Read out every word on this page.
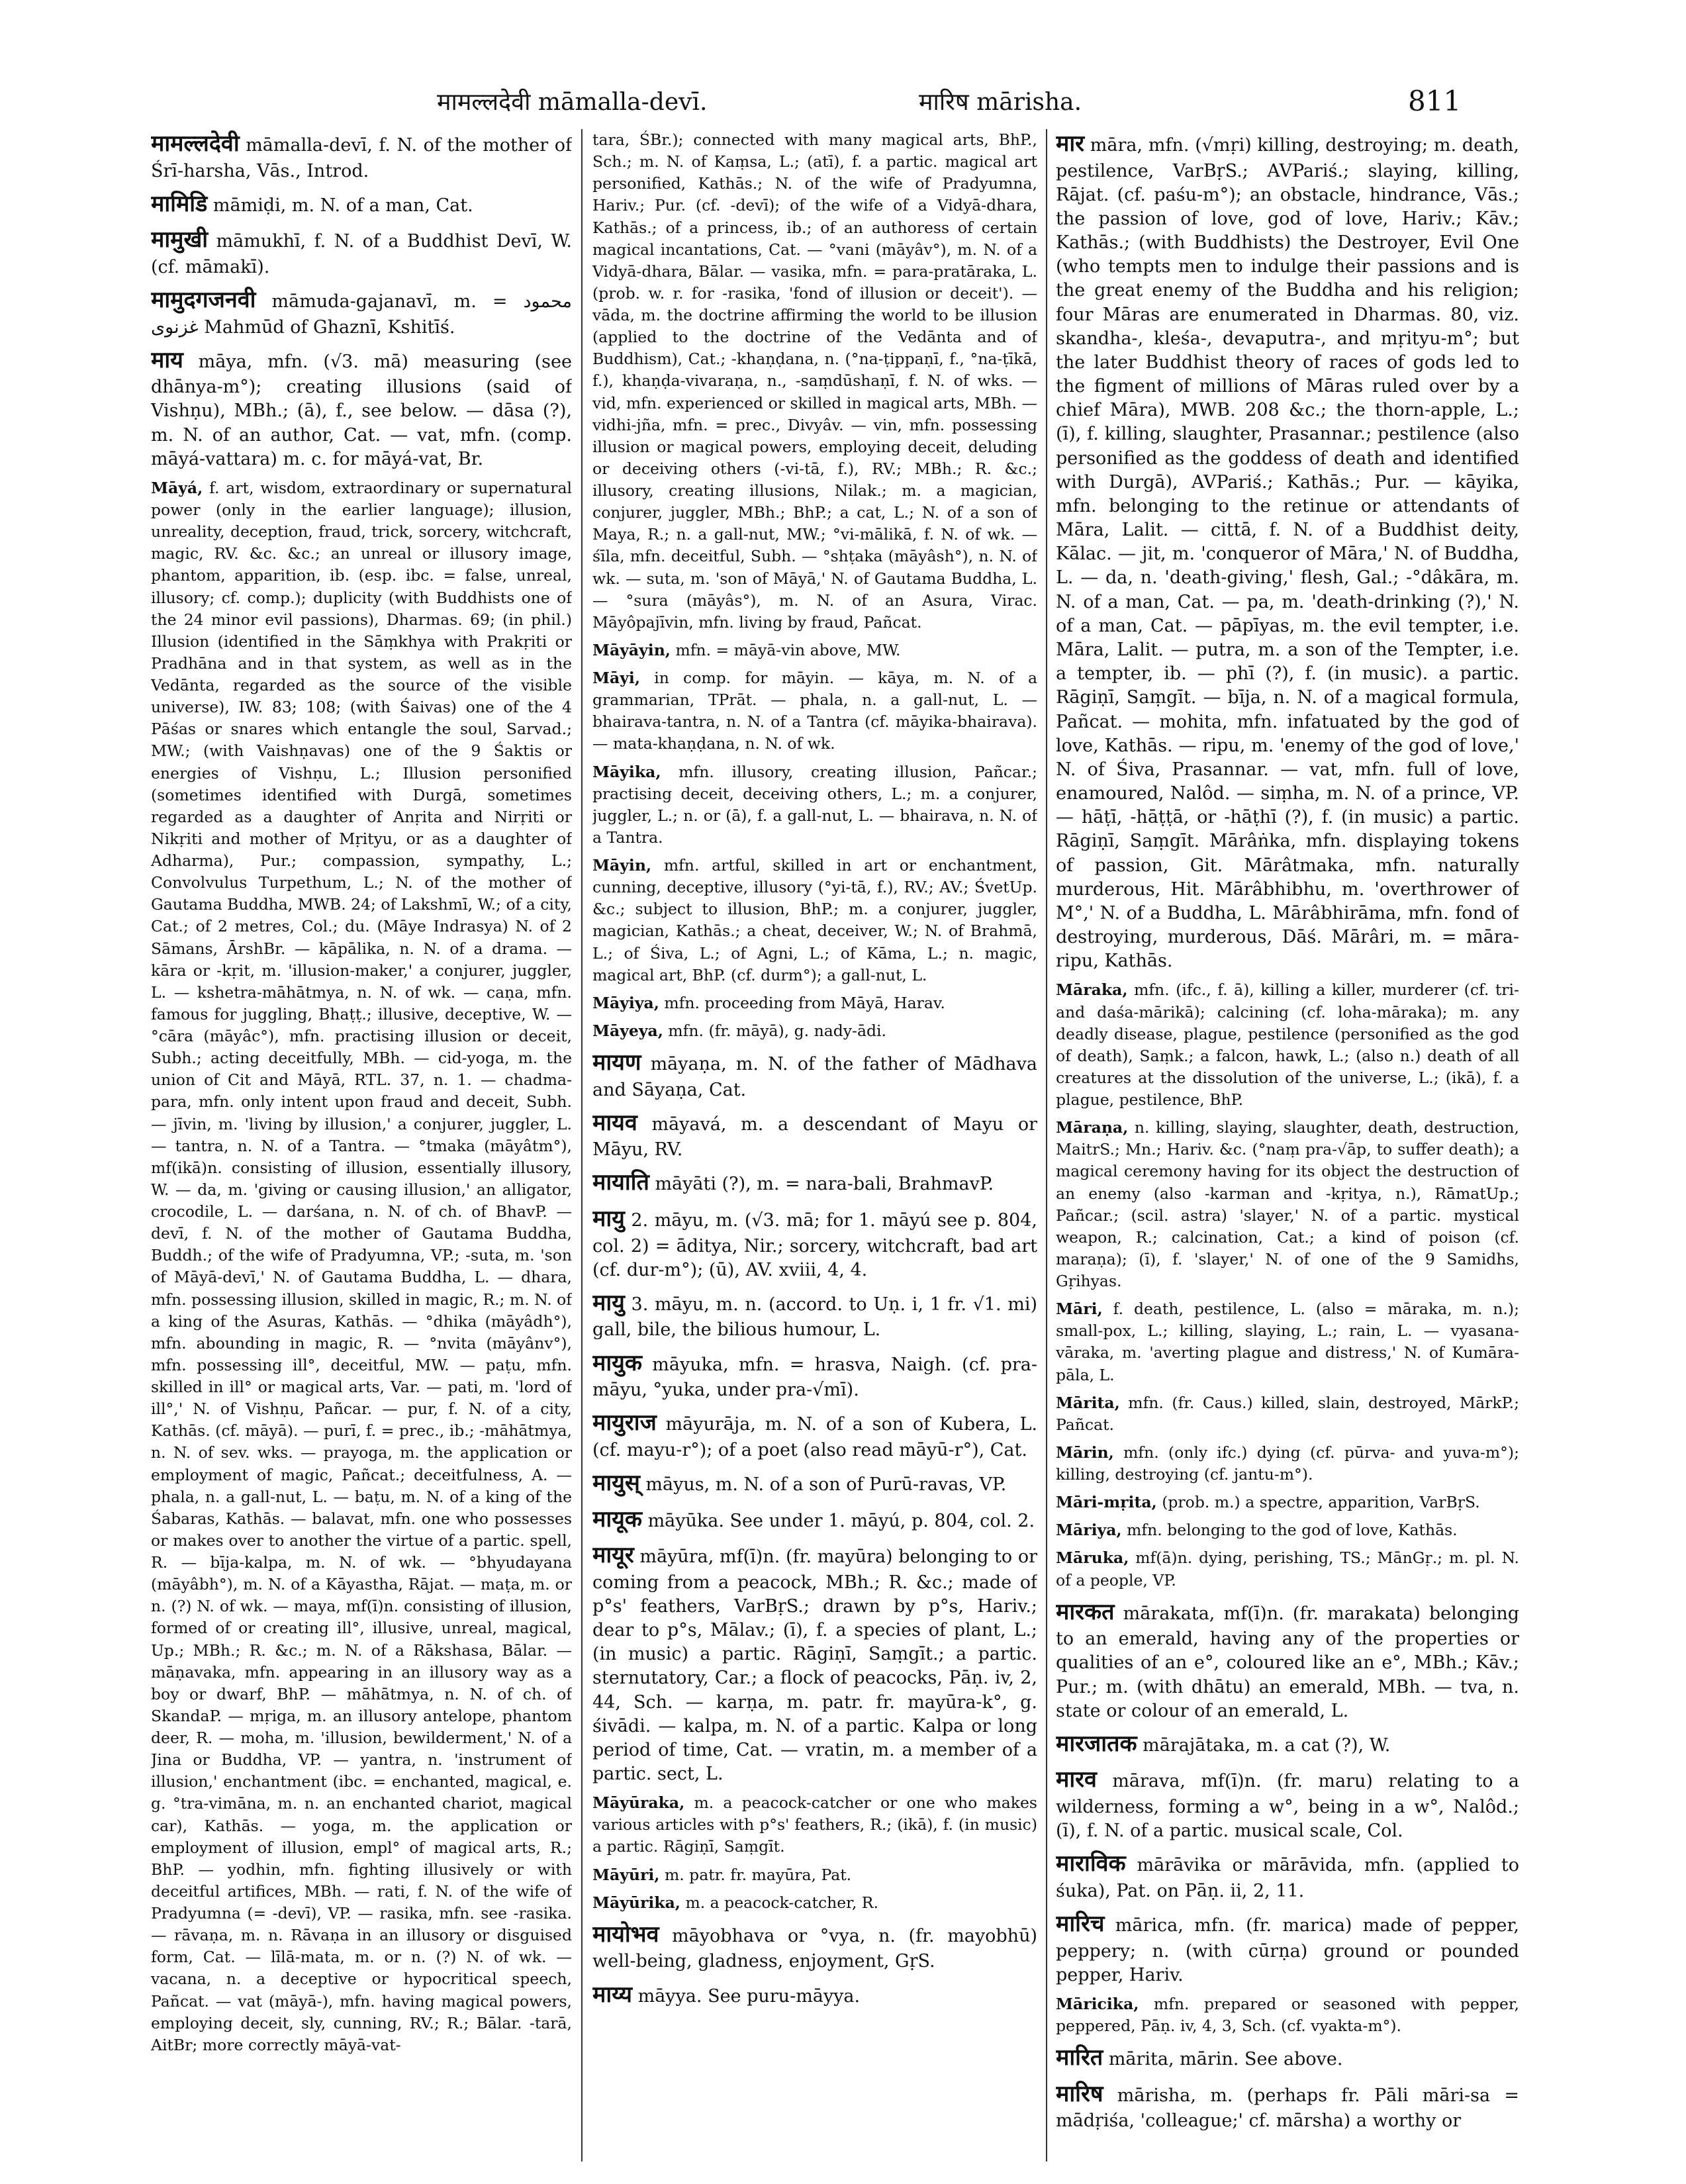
मामल्लदेवी māmalla-devī.	मारिष mārisha.	811

मामल्लदेवी māmalla-devī, f. N. of the mother of Śrī-harsha, Vās., Introd.

मामिडि māmiḍi, m. N. of a man, Cat.

मामुखी māmukhī, f. N. of a Buddhist Devī, W. (cf. māmakī).

मामुदगजनवी māmuda-gajanavī, m. = محمود غزنوی Mahmūd of Ghaznī, Kshitīś.

माय māya, mfn. (√3. mā) measuring (see dhānya-m°); creating illusions (said of Vishṇu), MBh.; (ā), f., see below. — dāsa (?), m. N. of an author, Cat. — vat, mfn. (comp. māyá-vattara) m. c. for māyá-vat, Br.

Māyá, f. art, wisdom, extraordinary or supernatural power (only in the earlier language); illusion, unreality, deception, fraud, trick, sorcery, witchcraft, magic, RV. &c. &c.; an unreal or illusory image, phantom, apparition, ib. (esp. ibc. = false, unreal, illusory; cf. comp.); duplicity (with Buddhists one of the 24 minor evil passions), Dharmas. 69; (in phil.) Illusion (identified in the Sāṃkhya with Prakṛiti or Pradhāna and in that system, as well as in the Vedānta, regarded as the source of the visible universe), IW. 83; 108; (with Śaivas) one of the 4 Pāśas or snares which entangle the soul, Sarvad.; MW.; (with Vaishṇavas) one of the 9 Śaktis or energies of Vishṇu, L.; Illusion personified (sometimes identified with Durgā, sometimes regarded as a daughter of Anṛita and Nirṛiti or Nikṛiti and mother of Mṛityu, or as a daughter of Adharma), Pur.; compassion, sympathy, L.; Convolvulus Turpethum, L.; N. of the mother of Gautama Buddha, MWB. 24; of Lakshmī, W.; of a city, Cat.; of 2 metres, Col.; du. (Māye Indrasya) N. of 2 Sāmans, ĀrshBr. — kāpālika, n. N. of a drama. — kāra or -kṛit, m. 'illusion-maker,' a conjurer, juggler, L. — kshetra-māhātmya, n. N. of wk. — caṇa, mfn. famous for juggling, Bhaṭṭ.; illusive, deceptive, W. — °cāra (māyâc°), mfn. practising illusion or deceit, Subh.; acting deceitfully, MBh. — cid-yoga, m. the union of Cit and Māyā, RTL. 37, n. 1. — chadma-para, mfn. only intent upon fraud and deceit, Subh. — jīvin, m. 'living by illusion,' a conjurer, juggler, L. — tantra, n. N. of a Tantra. — °tmaka (māyâtm°), mf(ikā)n. consisting of illusion, essentially illusory, W. — da, m. 'giving or causing illusion,' an alligator, crocodile, L. — darśana, n. N. of ch. of BhavP. — devī, f. N. of the mother of Gautama Buddha, Buddh.; of the wife of Pradyumna, VP.; -suta, m. 'son of Māyā-devī,' N. of Gautama Buddha, L. — dhara, mfn. possessing illusion, skilled in magic, R.; m. N. of a king of the Asuras, Kathās. — °dhika (māyâdh°), mfn. abounding in magic, R. — °nvita (māyânv°), mfn. possessing ill°, deceitful, MW. — paṭu, mfn. skilled in ill° or magical arts, Var. — pati, m. 'lord of ill°,' N. of Vishṇu, Pañcar. — pur, f. N. of a city, Kathās. (cf. māyā). — purī, f. = prec., ib.; -māhātmya, n. N. of sev. wks. — prayoga, m. the application or employment of magic, Pañcat.; deceitfulness, A. — phala, n. a gall-nut, L. — baṭu, m. N. of a king of the Śabaras, Kathās. — balavat, mfn. one who possesses or makes over to another the virtue of a partic. spell, R. — bīja-kalpa, m. N. of wk. — °bhyudayana (māyâbh°), m. N. of a Kāyastha, Rājat. — maṭa, m. or n. (?) N. of wk. — maya, mf(ī)n. consisting of illusion, formed of or creating ill°, illusive, unreal, magical, Up.; MBh.; R. &c.; m. N. of a Rākshasa, Bālar. — māṇavaka, mfn. appearing in an illusory way as a boy or dwarf, BhP. — māhātmya, n. N. of ch. of SkandaP. — mṛiga, m. an illusory antelope, phantom deer, R. — moha, m. 'illusion, bewilderment,' N. of a Jina or Buddha, VP. — yantra, n. 'instrument of illusion,' enchantment (ibc. = enchanted, magical, e. g. °tra-vimāna, m. n. an enchanted chariot, magical car), Kathās. — yoga, m. the application or employment of illusion, empl° of magical arts, R.; BhP. — yodhin, mfn. fighting illusively or with deceitful artifices, MBh. — rati, f. N. of the wife of Pradyumna (= -devī), VP. — rasika, mfn. see -rasika. — rāvaṇa, m. n. Rāvaṇa in an illusory or disguised form, Cat. — līlā-mata, m. or n. (?) N. of wk. — vacana, n. a deceptive or hypocritical speech, Pañcat. — vat (māyā-), mfn. having magical powers, employing deceit, sly, cunning, RV.; R.; Bālar. -tarā, AitBr; more correctly māyā-vat-

tara, ŚBr.); connected with many magical arts, BhP., Sch.; m. N. of Kaṃsa, L.; (atī), f. a partic. magical art personified, Kathās.; N. of the wife of Pradyumna, Hariv.; Pur. (cf. -devī); of the wife of a Vidyā-dhara, Kathās.; of a princess, ib.; of an authoress of certain magical incantations, Cat. — °vani (māyâv°), m. N. of a Vidyā-dhara, Bālar. — vasika, mfn. = para-pratāraka, L. (prob. w. r. for -rasika, 'fond of illusion or deceit'). — vāda, m. the doctrine affirming the world to be illusion (applied to the doctrine of the Vedānta and of Buddhism), Cat.; -khaṇḍana, n. (°na-ṭippaṇī, f., °na-ṭīkā, f.), khaṇḍa-vivaraṇa, n., -saṃdūshaṇī, f. N. of wks. — vid, mfn. experienced or skilled in magical arts, MBh. — vidhi-jña, mfn. = prec., Divyâv. — vin, mfn. possessing illusion or magical powers, employing deceit, deluding or deceiving others (-vi-tā, f.), RV.; MBh.; R. &c.; illusory, creating illusions, Nilak.; m. a magician, conjurer, juggler, MBh.; BhP.; a cat, L.; N. of a son of Maya, R.; n. a gall-nut, MW.; °vi-mālikā, f. N. of wk. — śīla, mfn. deceitful, Subh. — °shṭaka (māyâsh°), n. N. of wk. — suta, m. 'son of Māyā,' N. of Gautama Buddha, L. — °sura (māyâs°), m. N. of an Asura, Virac. Māyôpajīvin, mfn. living by fraud, Pañcat.

Māyāyin, mfn. = māyā-vin above, MW.

Māyi, in comp. for māyin. — kāya, m. N. of a grammarian, TPrāt. — phala, n. a gall-nut, L. — bhairava-tantra, n. N. of a Tantra (cf. māyika-bhairava). — mata-khaṇḍana, n. N. of wk.

Māyika, mfn. illusory, creating illusion, Pañcar.; practising deceit, deceiving others, L.; m. a conjurer, juggler, L.; n. or (ā), f. a gall-nut, L. — bhairava, n. N. of a Tantra.

Māyin, mfn. artful, skilled in art or enchantment, cunning, deceptive, illusory (°yi-tā, f.), RV.; AV.; ŚvetUp. &c.; subject to illusion, BhP.; m. a conjurer, juggler, magician, Kathās.; a cheat, deceiver, W.; N. of Brahmā, L.; of Śiva, L.; of Agni, L.; of Kāma, L.; n. magic, magical art, BhP. (cf. durm°); a gall-nut, L.

Māyiya, mfn. proceeding from Māyā, Harav.

Māyeya, mfn. (fr. māyā), g. nady-ādi.

मायण māyaṇa, m. N. of the father of Mādhava and Sāyaṇa, Cat.

मायव māyavá, m. a descendant of Mayu or Māyu, RV.

मायाति māyāti (?), m. = nara-bali, BrahmavP.

मायु 2. māyu, m. (√3. mā; for 1. māyú see p. 804, col. 2) = āditya, Nir.; sorcery, witchcraft, bad art (cf. dur-m°); (ū), AV. xviii, 4, 4.

मायु 3. māyu, m. n. (accord. to Uṇ. i, 1 fr. √1. mi) gall, bile, the bilious humour, L.

मायुक māyuka, mfn. = hrasva, Naigh. (cf. pra-māyu, °yuka, under pra-√mī).

मायुराज māyurāja, m. N. of a son of Kubera, L. (cf. mayu-r°); of a poet (also read māyū-r°), Cat.

मायुस् māyus, m. N. of a son of Purū-ravas, VP.

मायूक māyūka. See under 1. māyú, p. 804, col. 2.

मायूर māyūra, mf(ī)n. (fr. mayūra) belonging to or coming from a peacock, MBh.; R. &c.; made of p°s' feathers, VarBṛS.; drawn by p°s, Hariv.; dear to p°s, Mālav.; (ī), f. a species of plant, L.; (in music) a partic. Rāgiṇī, Saṃgīt.; a partic. sternutatory, Car.; a flock of peacocks, Pāṇ. iv, 2, 44, Sch. — karṇa, m. patr. fr. mayūra-k°, g. śivādi. — kalpa, m. N. of a partic. Kalpa or long period of time, Cat. — vratin, m. a member of a partic. sect, L.

Māyūraka, m. a peacock-catcher or one who makes various articles with p°s' feathers, R.; (ikā), f. (in music) a partic. Rāgiṇī, Saṃgīt.

Māyūri, m. patr. fr. mayūra, Pat.

Māyūrika, m. a peacock-catcher, R.

मायोभव māyobhava or °vya, n. (fr. mayobhū) well-being, gladness, enjoyment, GṛS.

माय्य māyya. See puru-māyya.

मार māra, mfn. (√mṛi) killing, destroying; m. death, pestilence, VarBṛS.; AVPariś.; slaying, killing, Rājat. (cf. paśu-m°); an obstacle, hindrance, Vās.; the passion of love, god of love, Hariv.; Kāv.; Kathās.; (with Buddhists) the Destroyer, Evil One (who tempts men to indulge their passions and is the great enemy of the Buddha and his religion; four Māras are enumerated in Dharmas. 80, viz. skandha-, kleśa-, devaputra-, and mṛityu-m°; but the later Buddhist theory of races of gods led to the figment of millions of Māras ruled over by a chief Māra), MWB. 208 &c.; the thorn-apple, L.; (ī), f. killing, slaughter, Prasannar.; pestilence (also personified as the goddess of death and identified with Durgā), AVPariś.; Kathās.; Pur. — kāyika, mfn. belonging to the retinue or attendants of Māra, Lalit. — cittā, f. N. of a Buddhist deity, Kālac. — jit, m. 'conqueror of Māra,' N. of Buddha, L. — da, n. 'death-giving,' flesh, Gal.; -°dâkāra, m. N. of a man, Cat. — pa, m. 'death-drinking (?),' N. of a man, Cat. — pāpīyas, m. the evil tempter, i.e. Māra, Lalit. — putra, m. a son of the Tempter, i.e. a tempter, ib. — phī (?), f. (in music). a partic. Rāgiṇī, Saṃgīt. — bīja, n. N. of a magical formula, Pañcat. — mohita, mfn. infatuated by the god of love, Kathās. — ripu, m. 'enemy of the god of love,' N. of Śiva, Prasannar. — vat, mfn. full of love, enamoured, Nalôd. — siṃha, m. N. of a prince, VP. — hāṭī, -hāṭṭā, or -hāṭhī (?), f. (in music) a partic. Rāgiṇī, Saṃgīt. Mārâṅka, mfn. displaying tokens of passion, Git. Mārâtmaka, mfn. naturally murderous, Hit. Mārâbhibhu, m. 'overthrower of M°,' N. of a Buddha, L. Mārâbhirāma, mfn. fond of destroying, murderous, Dāś. Mārâri, m. = māra-ripu, Kathās.

Māraka, mfn. (ifc., f. ā), killing a killer, murderer (cf. tri- and daśa-mārikā); calcining (cf. loha-māraka); m. any deadly disease, plague, pestilence (personified as the god of death), Saṃk.; a falcon, hawk, L.; (also n.) death of all creatures at the dissolution of the universe, L.; (ikā), f. a plague, pestilence, BhP.

Māraṇa, n. killing, slaying, slaughter, death, destruction, MaitrS.; Mn.; Hariv. &c. (°naṃ pra-√āp, to suffer death); a magical ceremony having for its object the destruction of an enemy (also -karman and -kṛitya, n.), RāmatUp.; Pañcar.; (scil. astra) 'slayer,' N. of a partic. mystical weapon, R.; calcination, Cat.; a kind of poison (cf. maraṇa); (ī), f. 'slayer,' N. of one of the 9 Samidhs, Gṛihyas.

Māri, f. death, pestilence, L. (also = māraka, m. n.); small-pox, L.; killing, slaying, L.; rain, L. — vyasana-vāraka, m. 'averting plague and distress,' N. of Kumāra-pāla, L.

Mārita, mfn. (fr. Caus.) killed, slain, destroyed, MārkP.; Pañcat.

Mārin, mfn. (only ifc.) dying (cf. pūrva- and yuva-m°); killing, destroying (cf. jantu-m°).

Māri-mṛita, (prob. m.) a spectre, apparition, VarBṛS.

Māriya, mfn. belonging to the god of love, Kathās.

Māruka, mf(ā)n. dying, perishing, TS.; MānGṛ.; m. pl. N. of a people, VP.

मारकत mārakata, mf(ī)n. (fr. marakata) belonging to an emerald, having any of the properties or qualities of an e°, coloured like an e°, MBh.; Kāv.; Pur.; m. (with dhātu) an emerald, MBh. — tva, n. state or colour of an emerald, L.

मारजातक mārajātaka, m. a cat (?), W.

मारव mārava, mf(ī)n. (fr. maru) relating to a wilderness, forming a w°, being in a w°, Nalôd.; (ī), f. N. of a partic. musical scale, Col.

माराविक mārāvika or mārāvida, mfn. (applied to śuka), Pat. on Pāṇ. ii, 2, 11.

मारिच mārica, mfn. (fr. marica) made of pepper, peppery; n. (with cūrṇa) ground or pounded pepper, Hariv.

Māricika, mfn. prepared or seasoned with pepper, peppered, Pāṇ. iv, 4, 3, Sch. (cf. vyakta-m°).

मारित mārita, mārin. See above.

मारिष mārisha, m. (perhaps fr. Pāli māri-sa = mādṛiśa, 'colleague;' cf. mārsha) a worthy or
